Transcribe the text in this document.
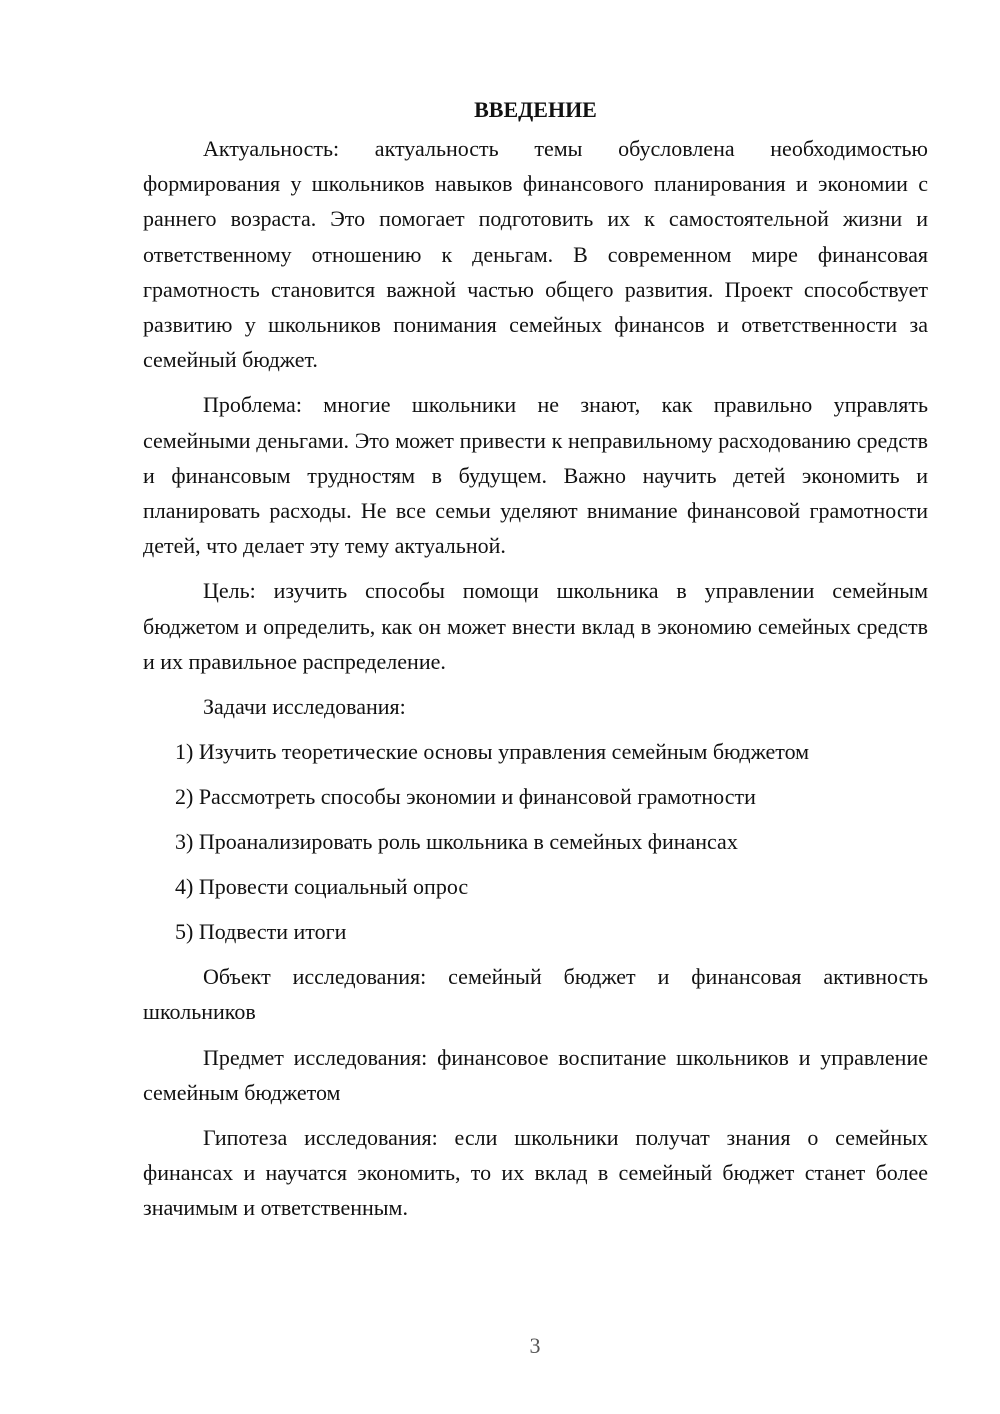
ВВЕДЕНИЕ

Актуальность: актуальность темы обусловлена необходимостью формирования у школьников навыков финансового планирования и экономии с раннего возраста. Это помогает подготовить их к самостоятельной жизни и ответственному отношению к деньгам. В современном мире финансовая грамотность становится важной частью общего развития. Проект способствует развитию у школьников понимания семейных финансов и ответственности за семейный бюджет.

Проблема: многие школьники не знают, как правильно управлять семейными деньгами. Это может привести к неправильному расходованию средств и финансовым трудностям в будущем. Важно научить детей экономить и планировать расходы. Не все семьи уделяют внимание финансовой грамотности детей, что делает эту тему актуальной.

Цель: изучить способы помощи школьника в управлении семейным бюджетом и определить, как он может внести вклад в экономию семейных средств и их правильное распределение.

Задачи исследования:

1) Изучить теоретические основы управления семейным бюджетом

2) Рассмотреть способы экономии и финансовой грамотности

3) Проанализировать роль школьника в семейных финансах

4) Провести социальный опрос

5) Подвести итоги

Объект исследования: семейный бюджет и финансовая активность школьников

Предмет исследования: финансовое воспитание школьников и управление семейным бюджетом

Гипотеза исследования: если школьники получат знания о семейных финансах и научатся экономить, то их вклад в семейный бюджет станет более значимым и ответственным.

3
